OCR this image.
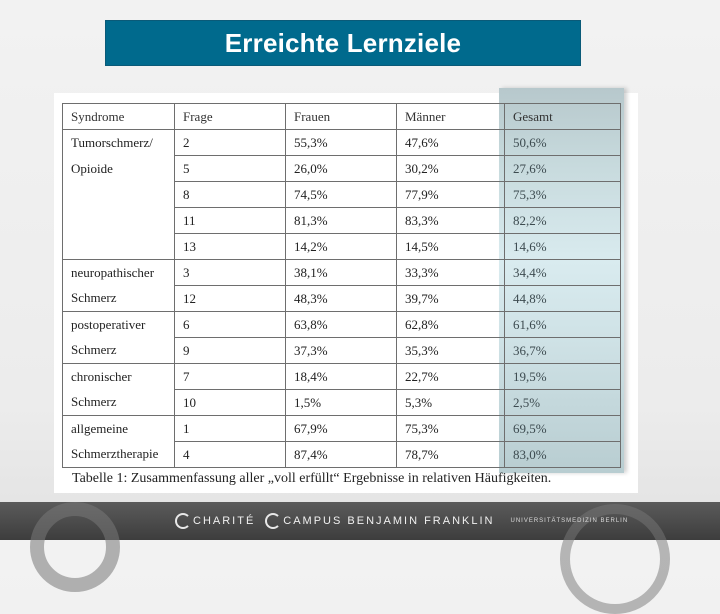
Erreichte Lernziele
Syndrome	Frage	Frauen	Männer	Gesamt
Tumorschmerz/	2	55,3%	47,6%	50,6%
Opioide	5	26,0%	30,2%	27,6%
	8	74,5%	77,9%	75,3%
	11	81,3%	83,3%	82,2%
	13	14,2%	14,5%	14,6%
neuropathischer	3	38,1%	33,3%	34,4%
Schmerz	12	48,3%	39,7%	44,8%
postoperativer	6	63,8%	62,8%	61,6%
Schmerz	9	37,3%	35,3%	36,7%
chronischer	7	18,4%	22,7%	19,5%
Schmerz	10	1,5%	5,3%	2,5%
allgemeine	1	67,9%	75,3%	69,5%
Schmerztherapie	4	87,4%	78,7%	83,0%
Tabelle 1: Zusammenfassung aller „voll erfüllt“ Ergebnisse in relativen Häufigkeiten.
CHARITÉ	CAMPUS BENJAMIN FRANKLIN	UNIVERSITÄTSMEDIZIN BERLIN
